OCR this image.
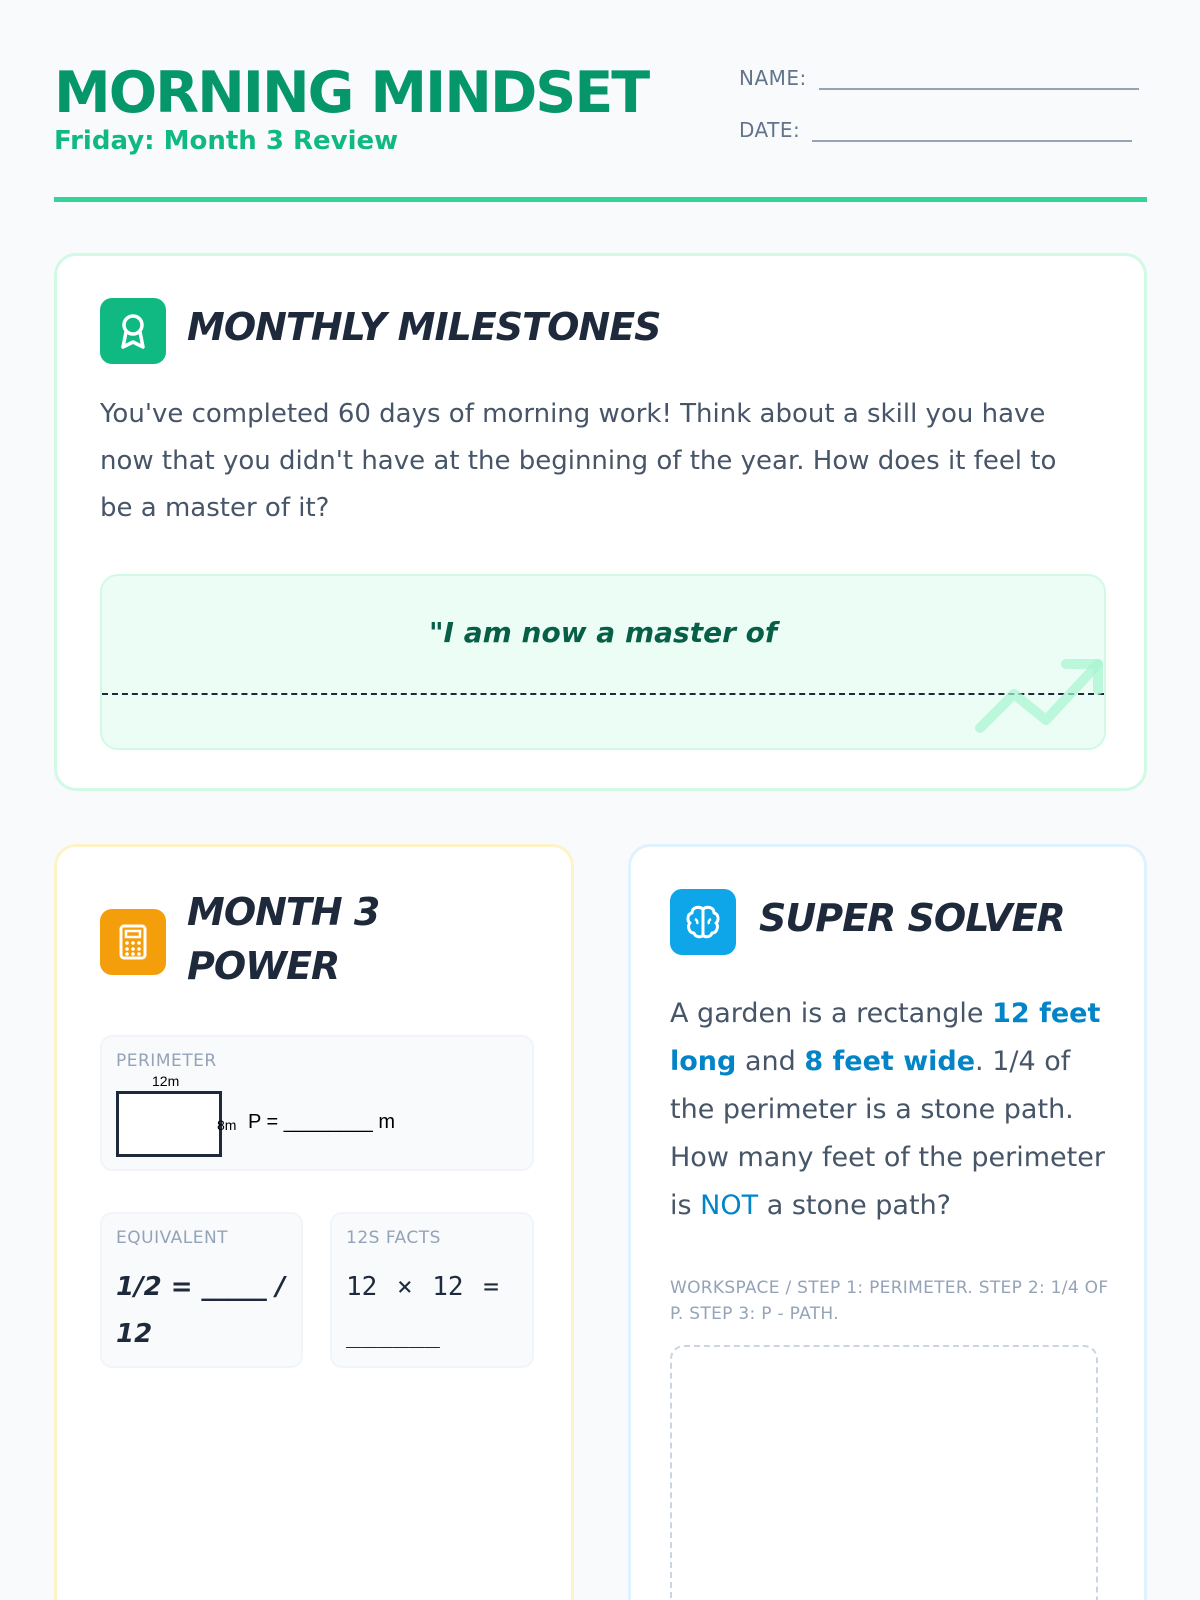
MORNING MINDSET
Friday: Month 3 Review
NAME:
DATE:
MONTHLY MILESTONES
You've completed 60 days of morning work! Think about a skill you have now that you didn't have at the beginning of the year. How does it feel to be a master of it?
"I am now a master of
MONTH 3
POWER
PERIMETER
12m
8m P = ________ m
EQUIVALENT
1/2 = _____ / 12
12S FACTS
12 × 12 = ______
SUPER SOLVER
A garden is a rectangle 12 feet long and 8 feet wide. 1/4 of the perimeter is a stone path. How many feet of the perimeter is NOT a stone path?
WORKSPACE / STEP 1: PERIMETER. STEP 2: 1/4 OF P. STEP 3: P - PATH.
